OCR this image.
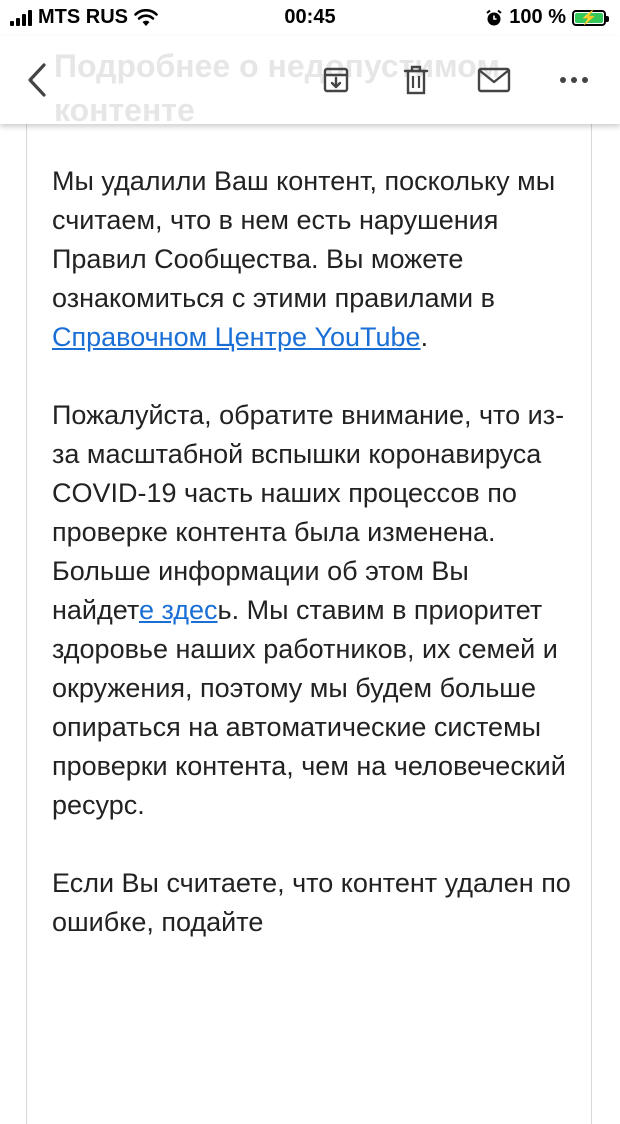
MTS RUS	00:45	100 %	⚡
Подробнее о недопустимом контенте

Мы удалили Ваш контент, поскольку мы считаем, что в нем есть нарушения Правил Сообщества. Вы можете ознакомиться с этими правилами в Справочном Центре YouTube.

Пожалуйста, обратите внимание, что из-за масштабной вспышки коронавируса COVID-19 часть наших процессов по проверке контента была изменена. Больше информации об этом Вы найдете здесь. Мы ставим в приоритет здоровье наших работников, их семей и окружения, поэтому мы будем больше опираться на автоматические системы проверки контента, чем на человеческий ресурс.

Если Вы считаете, что контент удален по ошибке, подайте
